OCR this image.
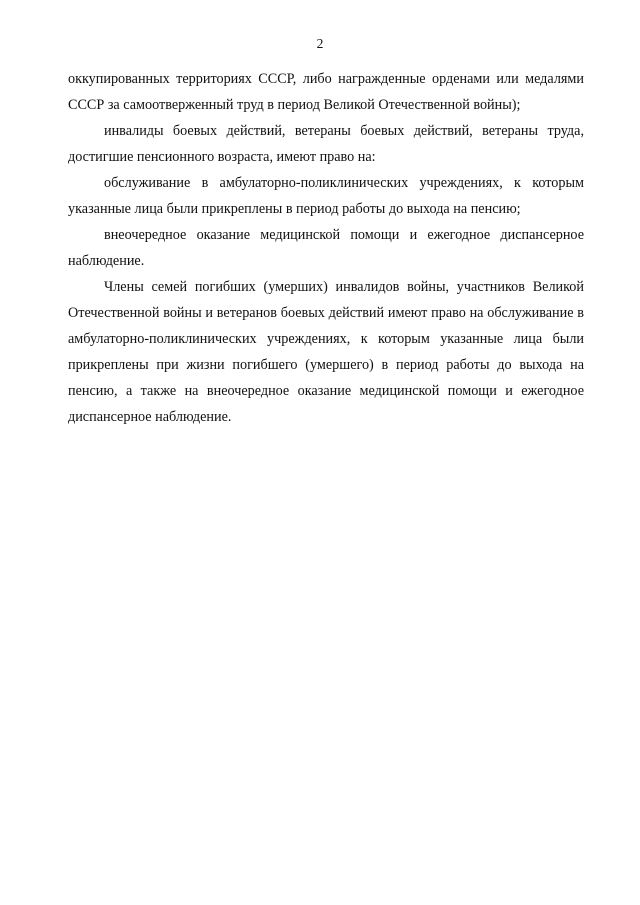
2

оккупированных территориях СССР, либо награжденные орденами или медалями СССР за самоотверженный труд в период Великой Отечественной войны);

инвалиды боевых действий, ветераны боевых действий, ветераны труда, достигшие пенсионного возраста, имеют право на:

обслуживание в амбулаторно-поликлинических учреждениях, к которым указанные лица были прикреплены в период работы до выхода на пенсию;

внеочередное оказание медицинской помощи и ежегодное диспансерное наблюдение.

Члены семей погибших (умерших) инвалидов войны, участников Великой Отечественной войны и ветеранов боевых действий имеют право на обслуживание в амбулаторно-поликлинических учреждениях, к которым указанные лица были прикреплены при жизни погибшего (умершего) в период работы до выхода на пенсию, а также на внеочередное оказание медицинской помощи и ежегодное диспансерное наблюдение.
